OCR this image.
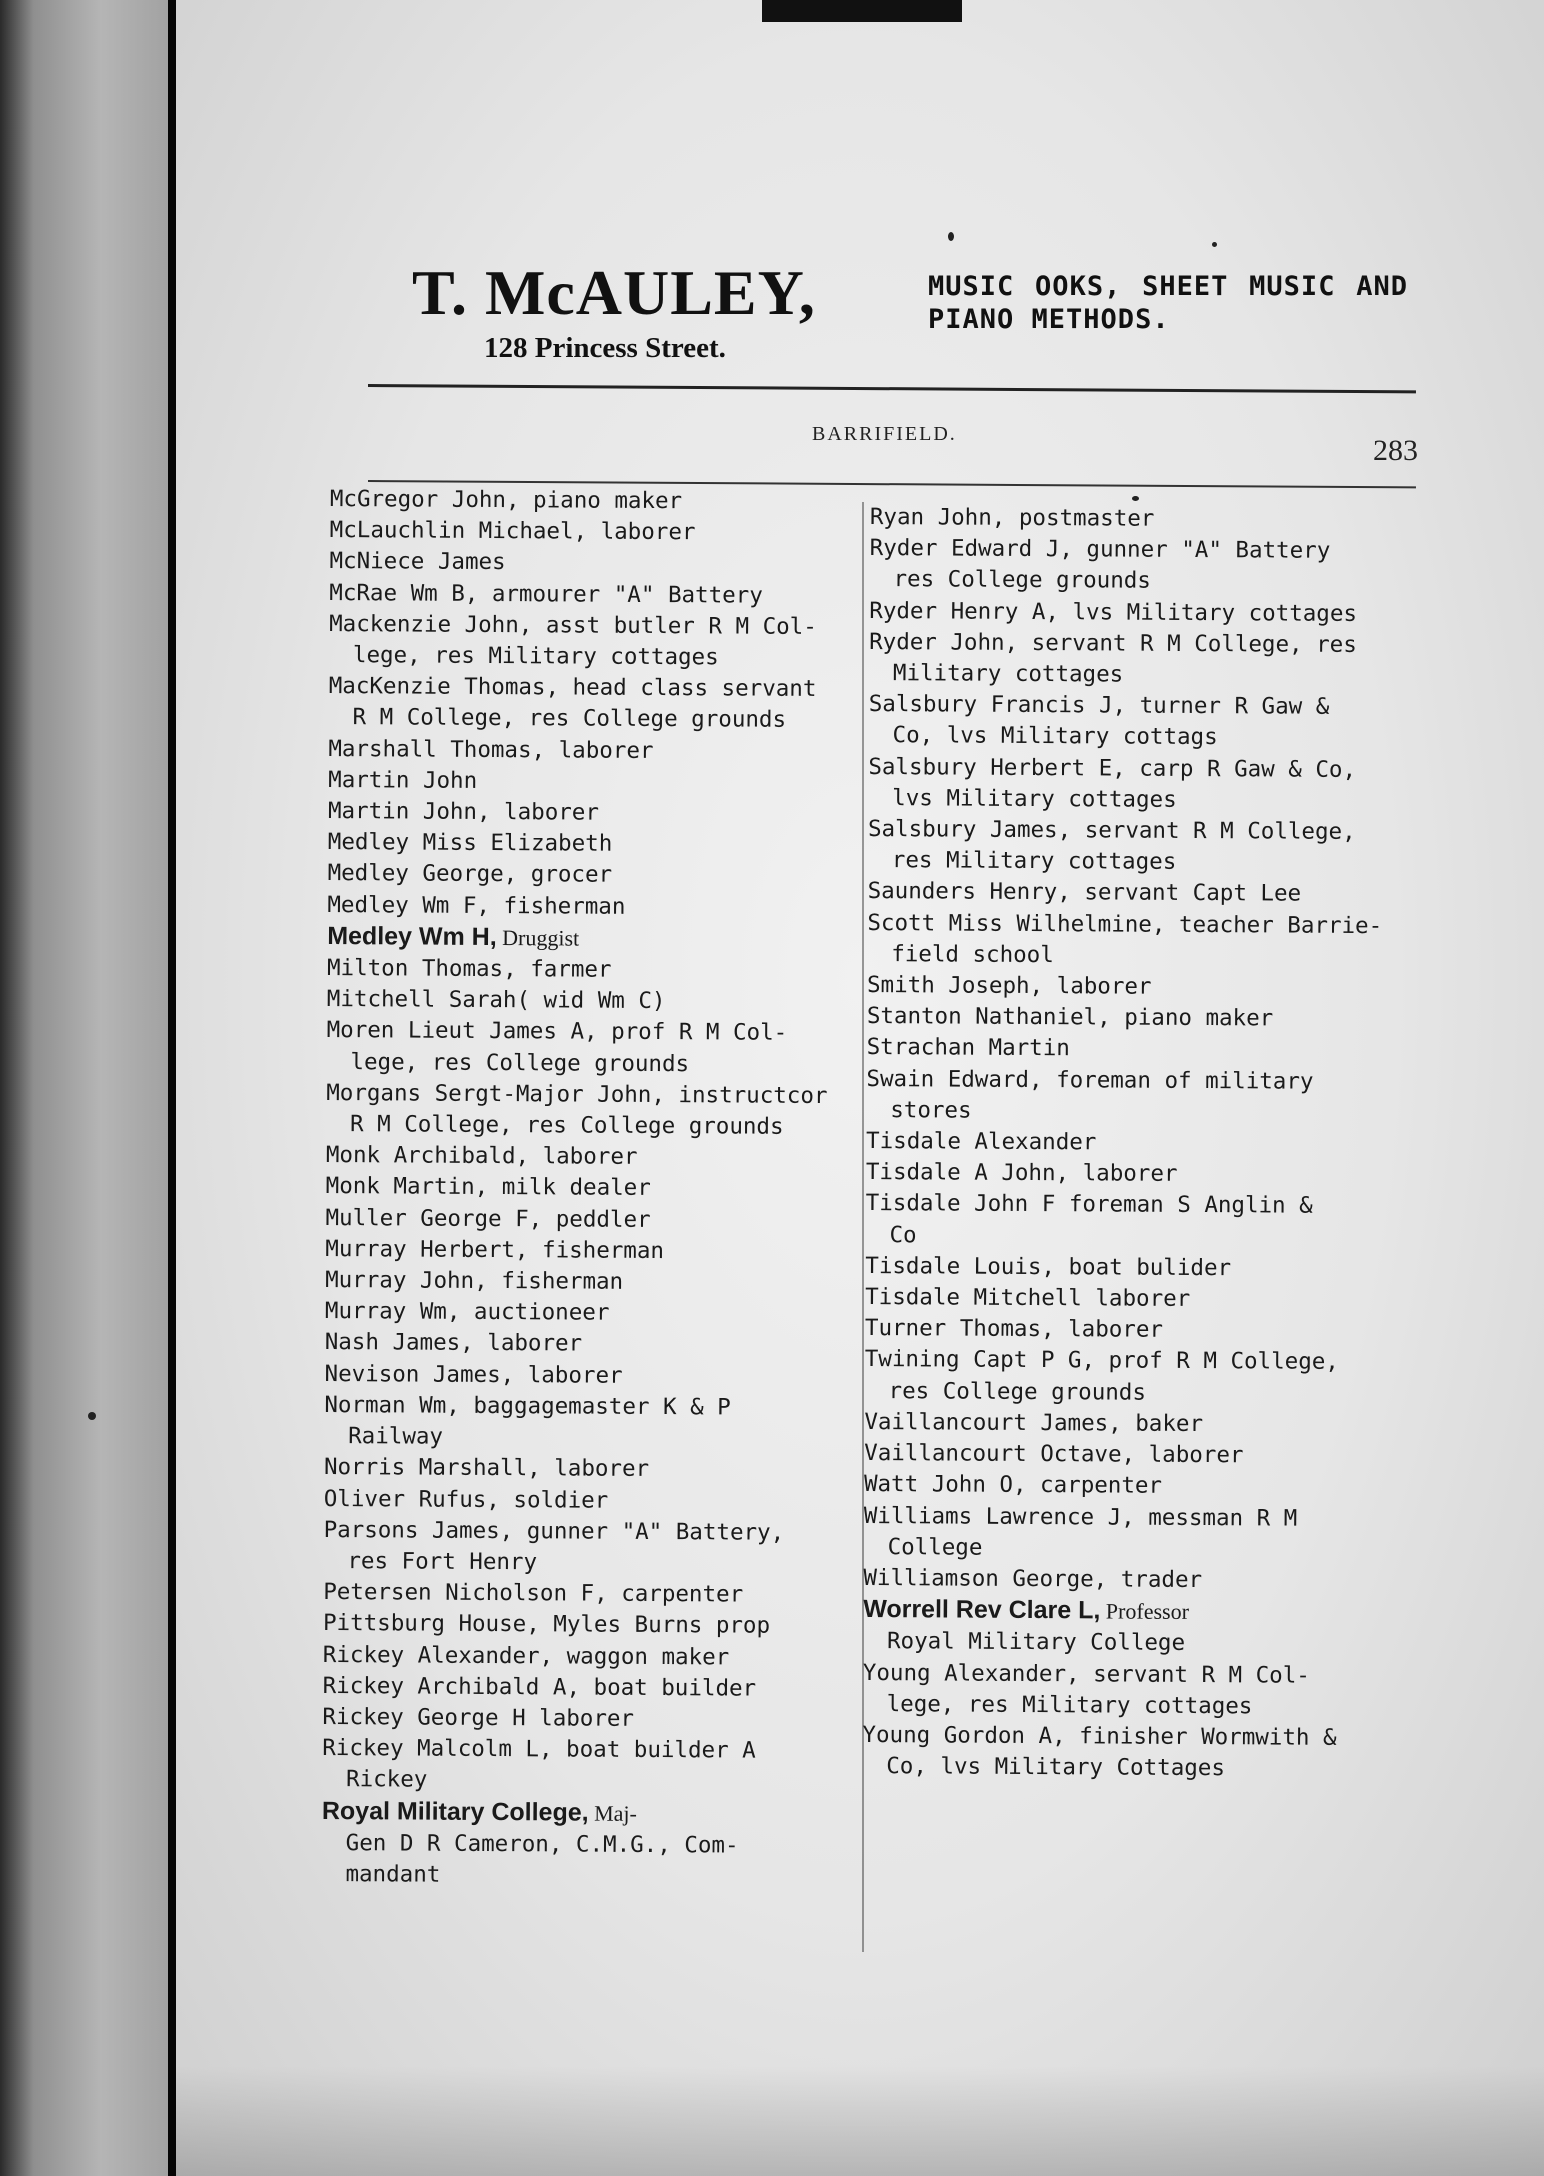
T. McAULEY,
128 Princess Street.
MUSIC OOKS, SHEET MUSIC AND PIANO METHODS.
BARRIFIELD.	283
McGregor John, piano maker
McLauchlin Michael, laborer
McNiece James
McRae Wm B, armourer "A" Battery
Mackenzie John, asst butler R M Col-
lege, res Military cottages
MacKenzie Thomas, head class servant
R M College, res College grounds
Marshall Thomas, laborer
Martin John
Martin John, laborer
Medley Miss Elizabeth
Medley George, grocer
Medley Wm F, fisherman
Medley Wm H, Druggist
Milton Thomas, farmer
Mitchell Sarah( wid Wm C)
Moren Lieut James A, prof R M Col-
lege, res College grounds
Morgans Sergt-Major John, instructcor
R M College, res College grounds
Monk Archibald, laborer
Monk Martin, milk dealer
Muller George F, peddler
Murray Herbert, fisherman
Murray John, fisherman
Murray Wm, auctioneer
Nash James, laborer
Nevison James, laborer
Norman Wm, baggagemaster K & P
Railway
Norris Marshall, laborer
Oliver Rufus, soldier
Parsons James, gunner "A" Battery,
res Fort Henry
Petersen Nicholson F, carpenter
Pittsburg House, Myles Burns prop
Rickey Alexander, waggon maker
Rickey Archibald A, boat builder
Rickey George H laborer
Rickey Malcolm L, boat builder A
Rickey
Royal Military College, Maj-
Gen D R Cameron, C.M.G., Com-
mandant
Ryan John, postmaster
Ryder Edward J, gunner "A" Battery
res College grounds
Ryder Henry A, lvs Military cottages
Ryder John, servant R M College, res
Military cottages
Salsbury Francis J, turner R Gaw &
Co, lvs Military cottags
Salsbury Herbert E, carp R Gaw & Co,
lvs Military cottages
Salsbury James, servant R M College,
res Military cottages
Saunders Henry, servant Capt Lee
Scott Miss Wilhelmine, teacher Barrie-
field school
Smith Joseph, laborer
Stanton Nathaniel, piano maker
Strachan Martin
Swain Edward, foreman of military
stores
Tisdale Alexander
Tisdale A John, laborer
Tisdale John F foreman S Anglin &
Co
Tisdale Louis, boat bulider
Tisdale Mitchell laborer
Turner Thomas, laborer
Twining Capt P G, prof R M College,
res College grounds
Vaillancourt James, baker
Vaillancourt Octave, laborer
Watt John O, carpenter
Williams Lawrence J, messman R M
College
Williamson George, trader
Worrell Rev Clare L, Professor
Royal Military College
Young Alexander, servant R M Col-
lege, res Military cottages
Young Gordon A, finisher Wormwith &
Co, lvs Military Cottages
